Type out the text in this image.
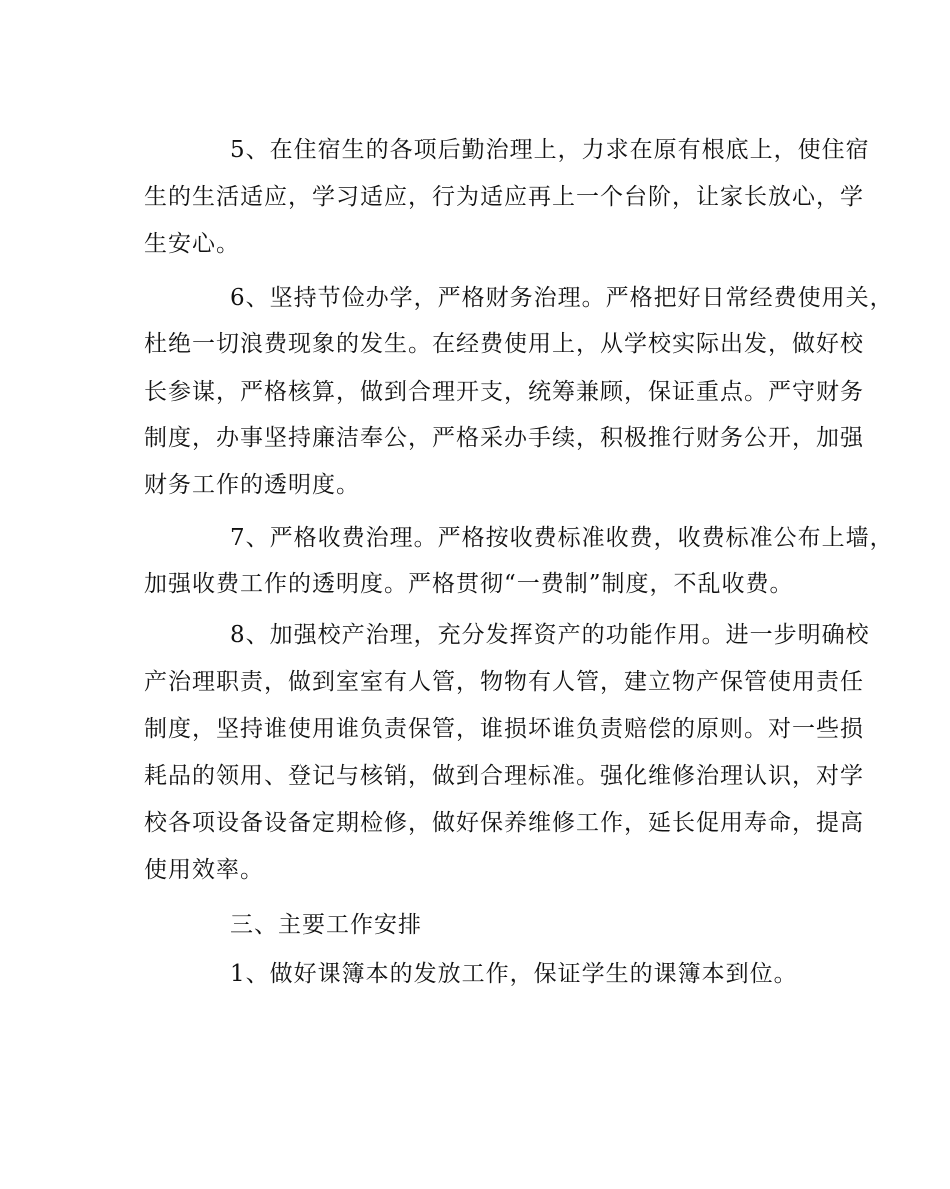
5、在住宿生的各项后勤治理上，力求在原有根底上，使住宿
生的生活适应，学习适应，行为适应再上一个台阶，让家长放心，学
生安心。
6、坚持节俭办学，严格财务治理。严格把好日常经费使用关，
杜绝一切浪费现象的发生。在经费使用上，从学校实际出发，做好校
长参谋，严格核算，做到合理开支，统筹兼顾，保证重点。严守财务
制度，办事坚持廉洁奉公，严格采办手续，积极推行财务公开，加强
财务工作的透明度。
7、严格收费治理。严格按收费标准收费，收费标准公布上墙，
加强收费工作的透明度。严格贯彻“一费制”制度，不乱收费。
8、加强校产治理，充分发挥资产的功能作用。进一步明确校
产治理职责，做到室室有人管，物物有人管，建立物产保管使用责任
制度，坚持谁使用谁负责保管，谁损坏谁负责赔偿的原则。对一些损
耗品的领用、登记与核销，做到合理标准。强化维修治理认识，对学
校各项设备设备定期检修，做好保养维修工作，延长促用寿命，提高
使用效率。
三、主要工作安排
1、做好课簿本的发放工作，保证学生的课簿本到位。
